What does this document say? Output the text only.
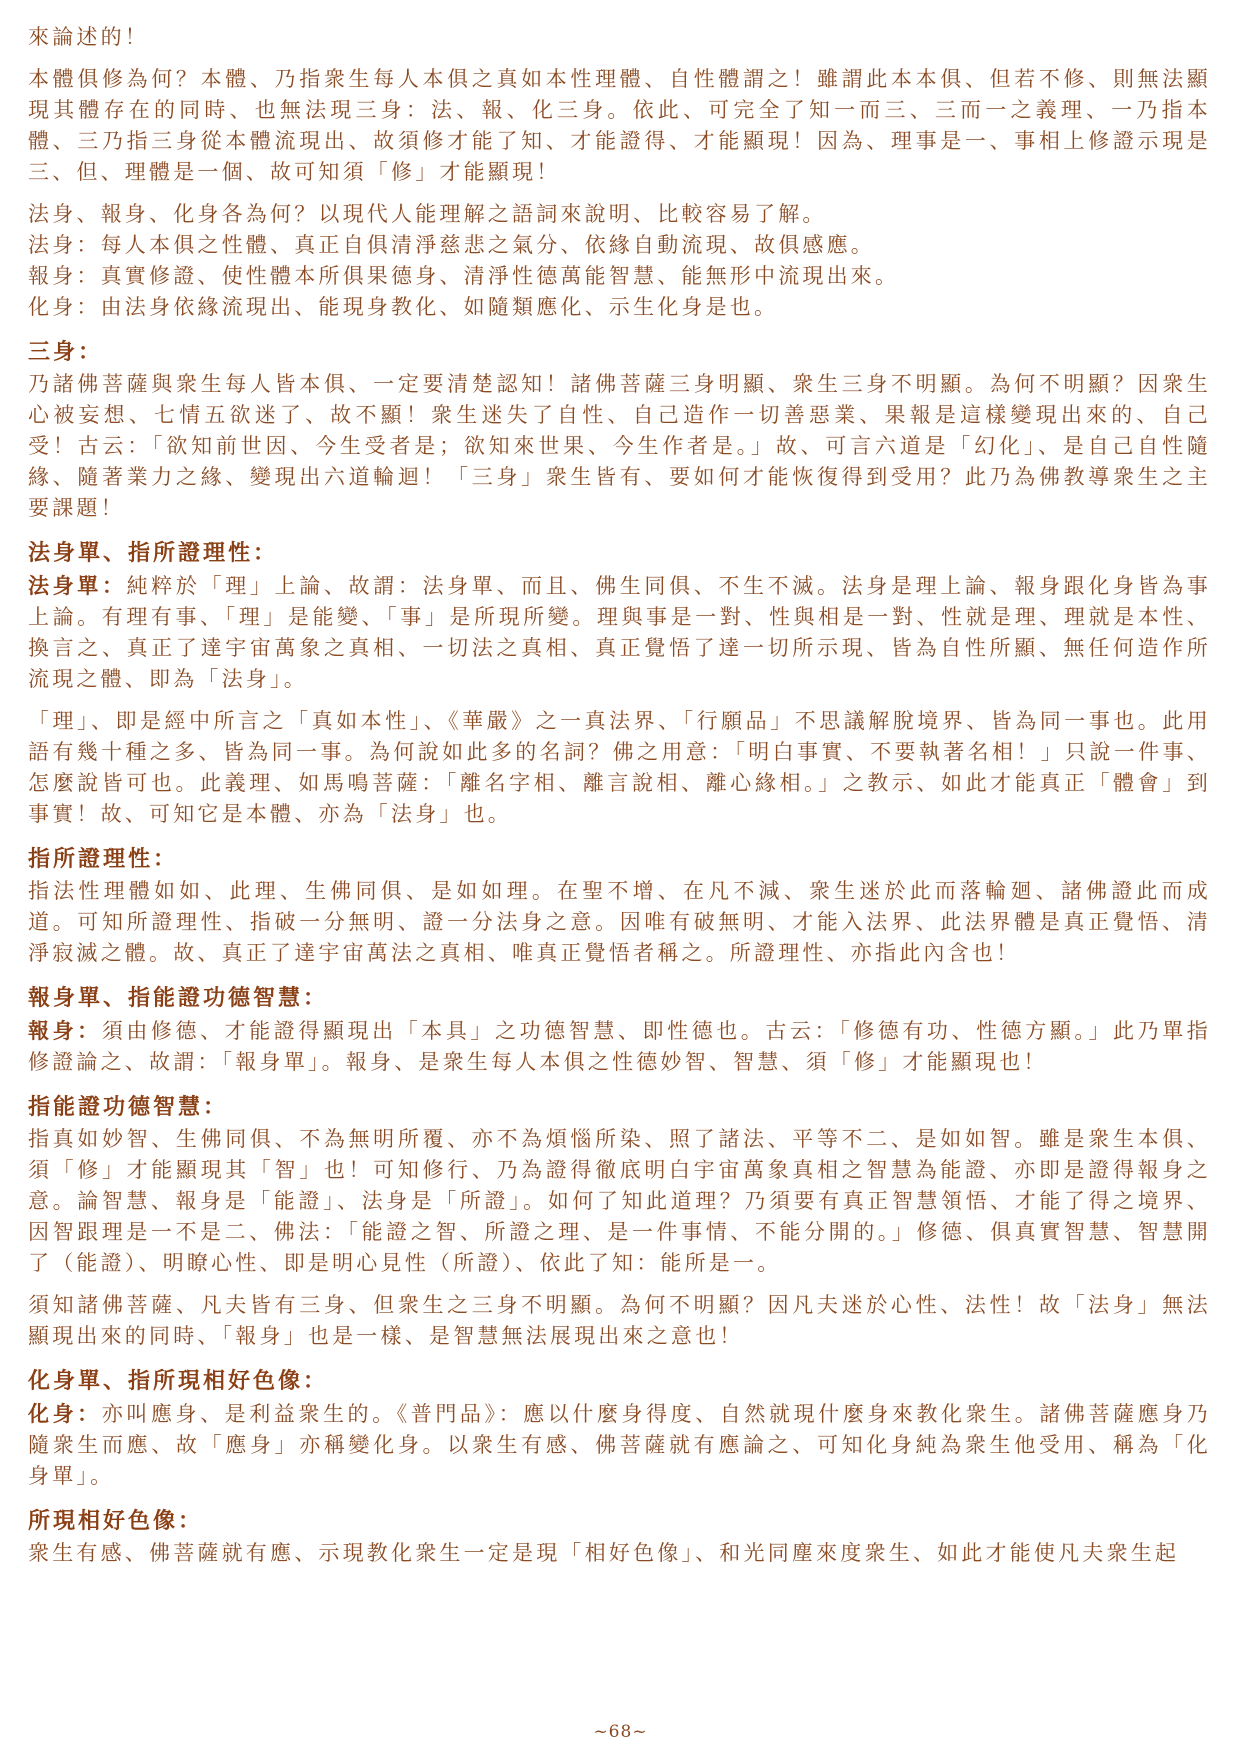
來論述的！

本體俱修為何？本體、乃指衆生每人本俱之真如本性理體、自性體謂之！雖謂此本本俱、但若不修、則無法顯現其體存在的同時、也無法現三身：法、報、化三身。依此、可完全了知一而三、三而一之義理、一乃指本體、三乃指三身從本體流現出、故須修才能了知、才能證得、才能顯現！因為、理事是一、事相上修證示現是三、但、理體是一個、故可知須「修」才能顯現！

法身、報身、化身各為何？以現代人能理解之語詞來說明、比較容易了解。

法身：每人本俱之性體、真正自俱清淨慈悲之氣分、依緣自動流現、故俱感應。

報身：真實修證、使性體本所俱果德身、清淨性德萬能智慧、能無形中流現出來。

化身：由法身依緣流現出、能現身教化、如隨類應化、示生化身是也。

三身：

乃諸佛菩薩與衆生每人皆本俱、一定要清楚認知！諸佛菩薩三身明顯、衆生三身不明顯。為何不明顯？因衆生心被妄想、七情五欲迷了、故不顯！衆生迷失了自性、自己造作一切善惡業、果報是這樣變現出來的、自己受！古云：「欲知前世因、今生受者是；欲知來世果、今生作者是。」故、可言六道是「幻化」、是自己自性隨緣、隨著業力之緣、變現出六道輪迴！「三身」衆生皆有、要如何才能恢復得到受用？此乃為佛教導衆生之主要課題！

法身單、指所證理性：

法身單：純粹於「理」上論、故謂：法身單、而且、佛生同俱、不生不滅。法身是理上論、報身跟化身皆為事上論。有理有事、「理」是能變、「事」是所現所變。理與事是一對、性與相是一對、性就是理、理就是本性、換言之、真正了達宇宙萬象之真相、一切法之真相、真正覺悟了達一切所示現、皆為自性所顯、無任何造作所流現之體、即為「法身」。

「理」、即是經中所言之「真如本性」、《華嚴》之一真法界、「行願品」不思議解脫境界、皆為同一事也。此用語有幾十種之多、皆為同一事。為何說如此多的名詞？佛之用意：「明白事實、不要執著名相！」只說一件事、怎麼說皆可也。此義理、如馬鳴菩薩：「離名字相、離言說相、離心緣相。」之教示、如此才能真正「體會」到事實！故、可知它是本體、亦為「法身」也。

指所證理性：

指法性理體如如、此理、生佛同俱、是如如理。在聖不增、在凡不減、衆生迷於此而落輪廻、諸佛證此而成道。可知所證理性、指破一分無明、證一分法身之意。因唯有破無明、才能入法界、此法界體是真正覺悟、清淨寂滅之體。故、真正了達宇宙萬法之真相、唯真正覺悟者稱之。所證理性、亦指此內含也！

報身單、指能證功德智慧：

報身：須由修德、才能證得顯現出「本具」之功德智慧、即性德也。古云：「修德有功、性德方顯。」此乃單指修證論之、故謂：「報身單」。報身、是衆生每人本俱之性德妙智、智慧、須「修」才能顯現也！

指能證功德智慧：

指真如妙智、生佛同俱、不為無明所覆、亦不為煩惱所染、照了諸法、平等不二、是如如智。雖是衆生本俱、須「修」才能顯現其「智」也！可知修行、乃為證得徹底明白宇宙萬象真相之智慧為能證、亦即是證得報身之意。論智慧、報身是「能證」、法身是「所證」。如何了知此道理？乃須要有真正智慧領悟、才能了得之境界、因智跟理是一不是二、佛法：「能證之智、所證之理、是一件事情、不能分開的。」修德、俱真實智慧、智慧開了（能證）、明瞭心性、即是明心見性（所證）、依此了知：能所是一。

須知諸佛菩薩、凡夫皆有三身、但衆生之三身不明顯。為何不明顯？因凡夫迷於心性、法性！故「法身」無法顯現出來的同時、「報身」也是一樣、是智慧無法展現出來之意也！

化身單、指所現相好色像：

化身：亦叫應身、是利益衆生的。《普門品》：應以什麼身得度、自然就現什麼身來教化衆生。諸佛菩薩應身乃隨衆生而應、故「應身」亦稱變化身。以衆生有感、佛菩薩就有應論之、可知化身純為衆生他受用、稱為「化身單」。

所現相好色像：

衆生有感、佛菩薩就有應、示現教化衆生一定是現「相好色像」、和光同塵來度衆生、如此才能使凡夫衆生起

~68~
